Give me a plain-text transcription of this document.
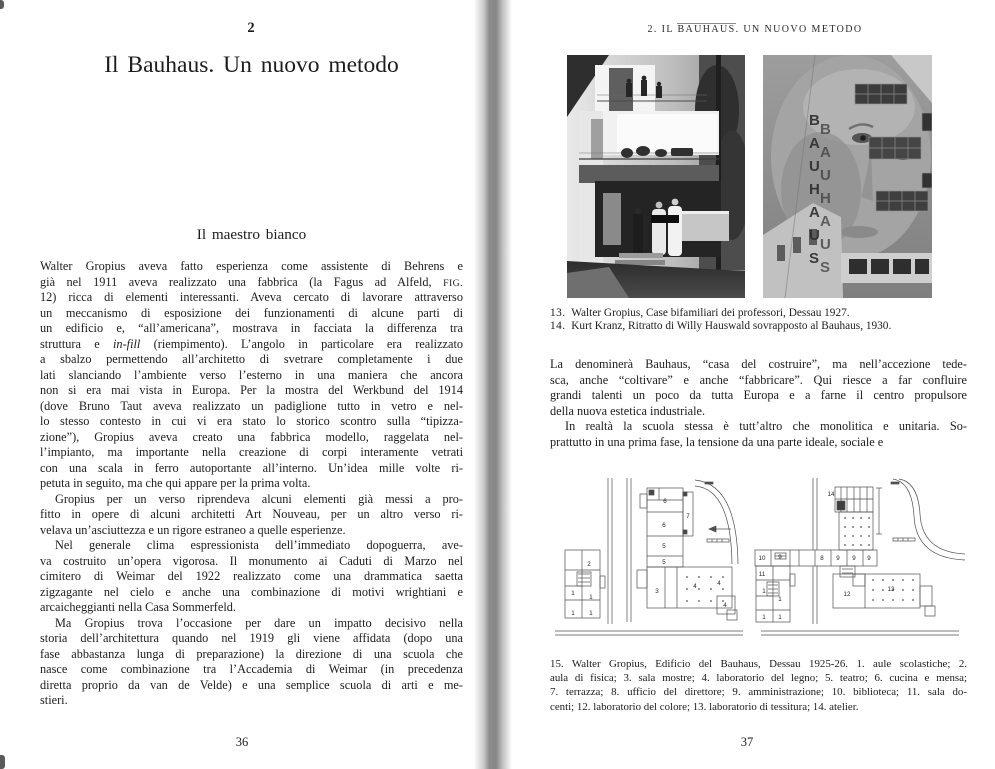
2
Il Bauhaus. Un nuovo metodo
Il maestro bianco
Walter Gropius aveva fatto esperienza come assistente di Behrens e
già nel 1911 aveva realizzato una fabbrica (la Fagus ad Alfeld, FIG.
12) ricca di elementi interessanti. Aveva cercato di lavorare attraverso
un meccanismo di esposizione dei funzionamenti di alcune parti di
un edificio e, “all’americana”, mostrava in facciata la differenza tra
struttura e in-fill (riempimento). L’angolo in particolare era realizzato
a sbalzo permettendo all’architetto di svetrare completamente i due
lati slanciando l’ambiente verso l’esterno in una maniera che ancora
non si era mai vista in Europa. Per la mostra del Werkbund del 1914
(dove Bruno Taut aveva realizzato un padiglione tutto in vetro e nel-
lo stesso contesto in cui vi era stato lo storico scontro sulla “tipizza-
zione”), Gropius aveva creato una fabbrica modello, raggelata nel-
l’impianto, ma importante nella creazione di corpi interamente vetrati
con una scala in ferro autoportante all’interno. Un’idea mille volte ri-
petuta in seguito, ma che qui appare per la prima volta.
Gropius per un verso riprendeva alcuni elementi già messi a pro-
fitto in opere di alcuni architetti Art Nouveau, per un altro verso ri-
velava un’asciuttezza e un rigore estraneo a quelle esperienze.
Nel generale clima espressionista dell’immediato dopoguerra, ave-
va costruito un’opera vigorosa. Il monumento ai Caduti di Marzo nel
cimitero di Weimar del 1922 realizzato come una drammatica saetta
zigzagante nel cielo e anche una combinazione di motivi wrightiani e
arcaicheggianti nella Casa Sommerfeld.
Ma Gropius trova l’occasione per dare un impatto decisivo nella
storia dell’architettura quando nel 1919 gli viene affidata (dopo una
fase abbastanza lunga di preparazione) la direzione di una scuola che
nasce come combinazione tra l’Accademia di Weimar (in precedenza
diretta proprio da van de Velde) e una semplice scuola di arti e me-
stieri.
36
2. IL BAUHAUS. UN NUOVO METODO
B
B
A
A
U
U
H
H
A
A
U
U
S
S
13.  Walter Gropius, Case bifamiliari dei professori, Dessau 1927.
14.  Kurt Kranz, Ritratto di Willy Hauswald sovrapposto al Bauhaus, 1930.
La denominerà Bauhaus, “casa del costruire”, ma nell’accezione tede-
sca, anche “coltivare” e anche “fabbricare”. Qui riesce a far confluire
grandi talenti un poco da tutta Europa e a farne il centro propulsore
della nuova estetica industriale.
In realtà la scuola stessa è tutt’altro che monolitica e unitaria. So-
prattutto in una prima fase, la tensione da una parte ideale, sociale e
2
1
1
1 1
6
6
5
5
7
3
4	4
4
10 9	8 9 9 9
11
1
1
1 1
14
12
13
15. Walter Gropius, Edificio del Bauhaus, Dessau 1925-26. 1. aule scolastiche; 2.
aula di fisica; 3. sala mostre; 4. laboratorio del legno; 5. teatro; 6. cucina e mensa;
7. terrazza; 8. ufficio del direttore; 9. amministrazione; 10. biblioteca; 11. sala do-
centi; 12. laboratorio del colore; 13. laboratorio di tessitura; 14. atelier.
37
